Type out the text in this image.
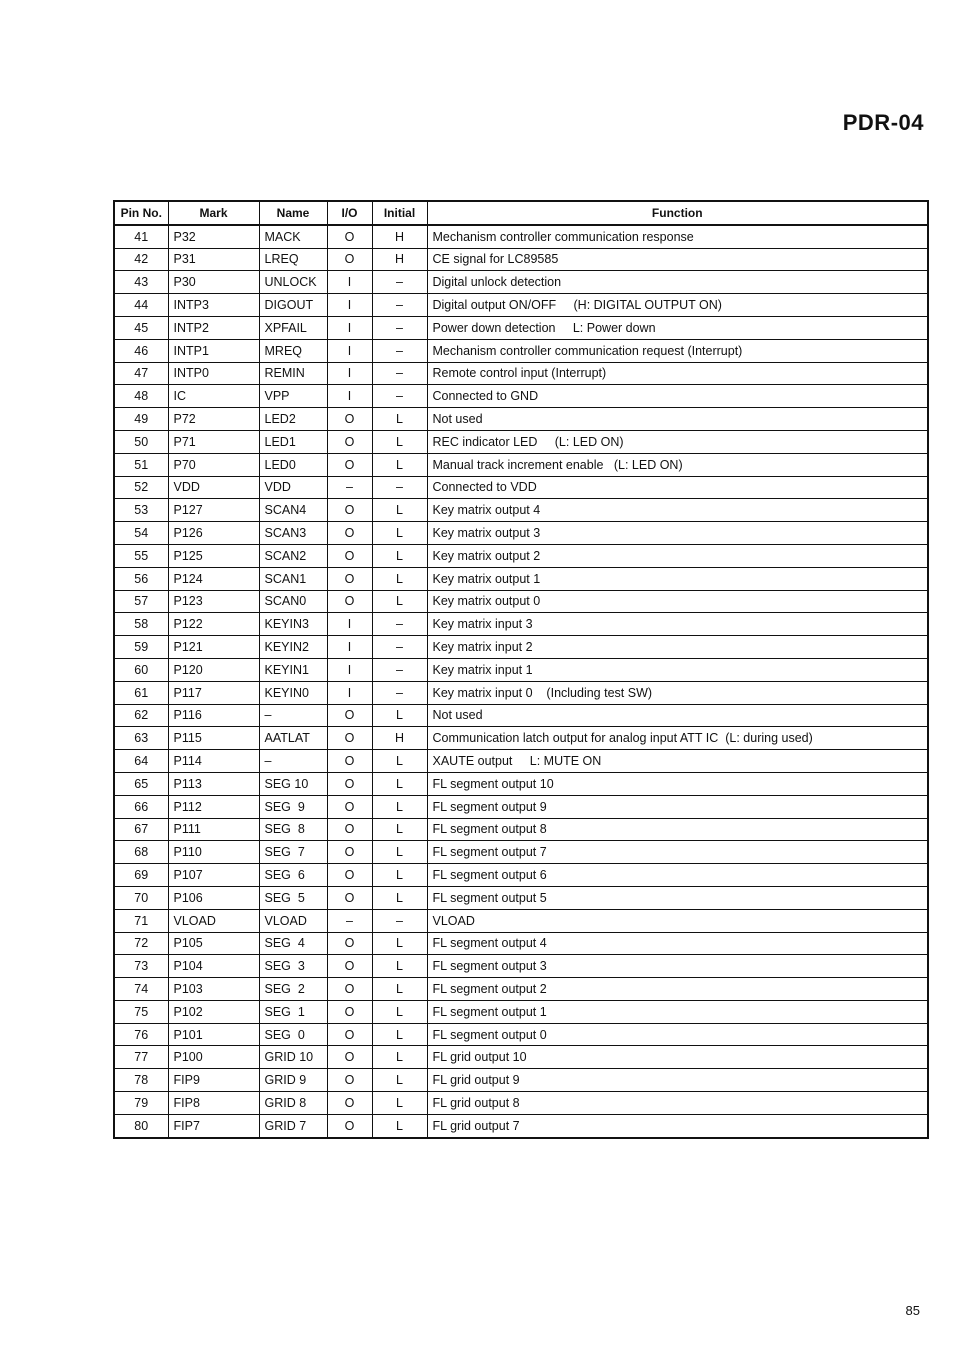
PDR-04
Pin No.	Mark	Name	I/O	Initial	Function
41	P32	MACK	O	H	Mechanism controller communication response
42	P31	LREQ	O	H	CE signal for LC89585
43	P30	UNLOCK	I	–	Digital unlock detection
44	INTP3	DIGOUT	I	–	Digital output ON/OFF     (H: DIGITAL OUTPUT ON)
45	INTP2	XPFAIL	I	–	Power down detection     L: Power down
46	INTP1	MREQ	I	–	Mechanism controller communication request (Interrupt)
47	INTP0	REMIN	I	–	Remote control input (Interrupt)
48	IC	VPP	I	–	Connected to GND
49	P72	LED2	O	L	Not used
50	P71	LED1	O	L	REC indicator LED     (L: LED ON)
51	P70	LED0	O	L	Manual track increment enable   (L: LED ON)
52	VDD	VDD	–	–	Connected to VDD
53	P127	SCAN4	O	L	Key matrix output 4
54	P126	SCAN3	O	L	Key matrix output 3
55	P125	SCAN2	O	L	Key matrix output 2
56	P124	SCAN1	O	L	Key matrix output 1
57	P123	SCAN0	O	L	Key matrix output 0
58	P122	KEYIN3	I	–	Key matrix input 3
59	P121	KEYIN2	I	–	Key matrix input 2
60	P120	KEYIN1	I	–	Key matrix input 1
61	P117	KEYIN0	I	–	Key matrix input 0    (Including test SW)
62	P116	–	O	L	Not used
63	P115	AATLAT	O	H	Communication latch output for analog input ATT IC  (L: during used)
64	P114	–	O	L	XAUTE output     L: MUTE ON
65	P113	SEG 10	O	L	FL segment output 10
66	P112	SEG  9	O	L	FL segment output 9
67	P111	SEG  8	O	L	FL segment output 8
68	P110	SEG  7	O	L	FL segment output 7
69	P107	SEG  6	O	L	FL segment output 6
70	P106	SEG  5	O	L	FL segment output 5
71	VLOAD	VLOAD	–	–	VLOAD
72	P105	SEG  4	O	L	FL segment output 4
73	P104	SEG  3	O	L	FL segment output 3
74	P103	SEG  2	O	L	FL segment output 2
75	P102	SEG  1	O	L	FL segment output 1
76	P101	SEG  0	O	L	FL segment output 0
77	P100	GRID 10	O	L	FL grid output 10
78	FIP9	GRID 9	O	L	FL grid output 9
79	FIP8	GRID 8	O	L	FL grid output 8
80	FIP7	GRID 7	O	L	FL grid output 7
85
